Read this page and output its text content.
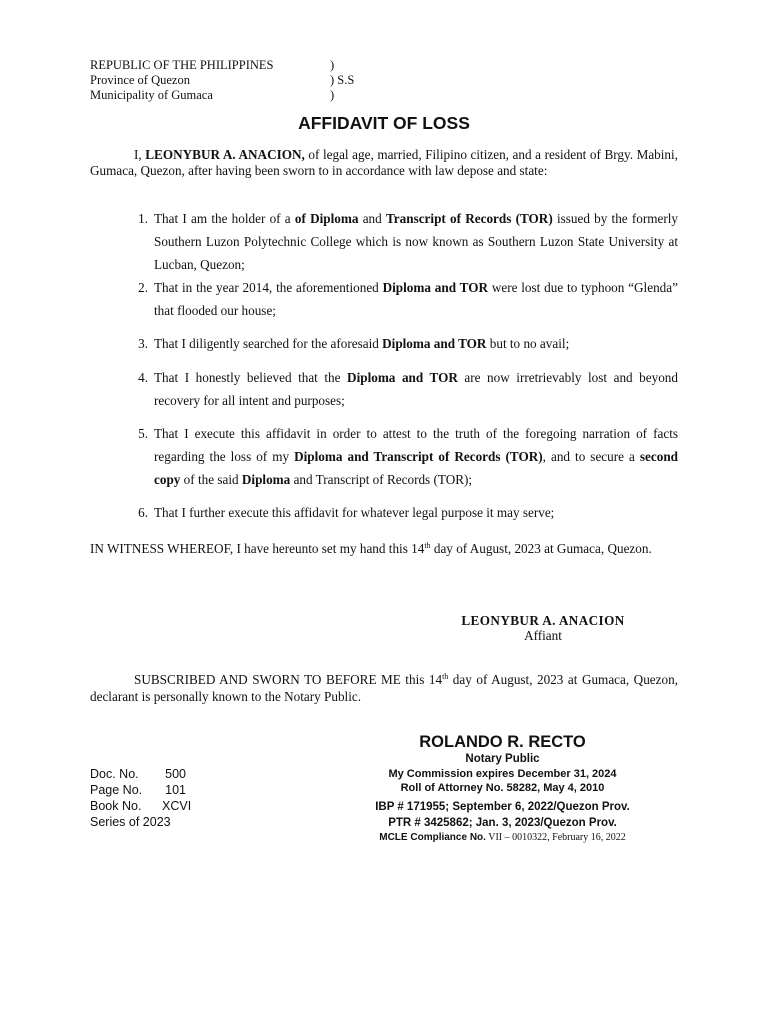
REPUBLIC OF THE PHILIPPINES	)
Province of Quezon	) S.S
Municipality of Gumaca	)
AFFIDAVIT OF LOSS
I, LEONYBUR A. ANACION, of legal age, married, Filipino citizen, and a resident of Brgy. Mabini, Gumaca, Quezon, after having been sworn to in accordance with law depose and state:
1. That I am the holder of a of Diploma and Transcript of Records (TOR) issued by the formerly Southern Luzon Polytechnic College which is now known as Southern Luzon State University at Lucban, Quezon;
2. That in the year 2014, the aforementioned Diploma and TOR were lost due to typhoon “Glenda” that flooded our house;
3. That I diligently searched for the aforesaid Diploma and TOR but to no avail;
4. That I honestly believed that the Diploma and TOR are now irretrievably lost and beyond recovery for all intent and purposes;
5. That I execute this affidavit in order to attest to the truth of the foregoing narration of facts regarding the loss of my Diploma and Transcript of Records (TOR), and to secure a second copy of the said Diploma and Transcript of Records (TOR);
6. That I further execute this affidavit for whatever legal purpose it may serve;
IN WITNESS WHEREOF, I have hereunto set my hand this 14th day of August, 2023 at Gumaca, Quezon.
LEONYBUR A. ANACION
Affiant
SUBSCRIBED AND SWORN TO BEFORE ME this 14th day of August, 2023 at Gumaca, Quezon, declarant is personally known to the Notary Public.
ROLANDO R. RECTO
Notary Public
My Commission expires December 31, 2024
Roll of Attorney No. 58282, May 4, 2010
IBP # 171955; September 6, 2022/Quezon Prov.
PTR # 3425862; Jan. 3, 2023/Quezon Prov.
MCLE Compliance No. VII – 0010322, February 16, 2022
Doc. No.	500
Page No.	101
Book No.	XCVI
Series of 2023
